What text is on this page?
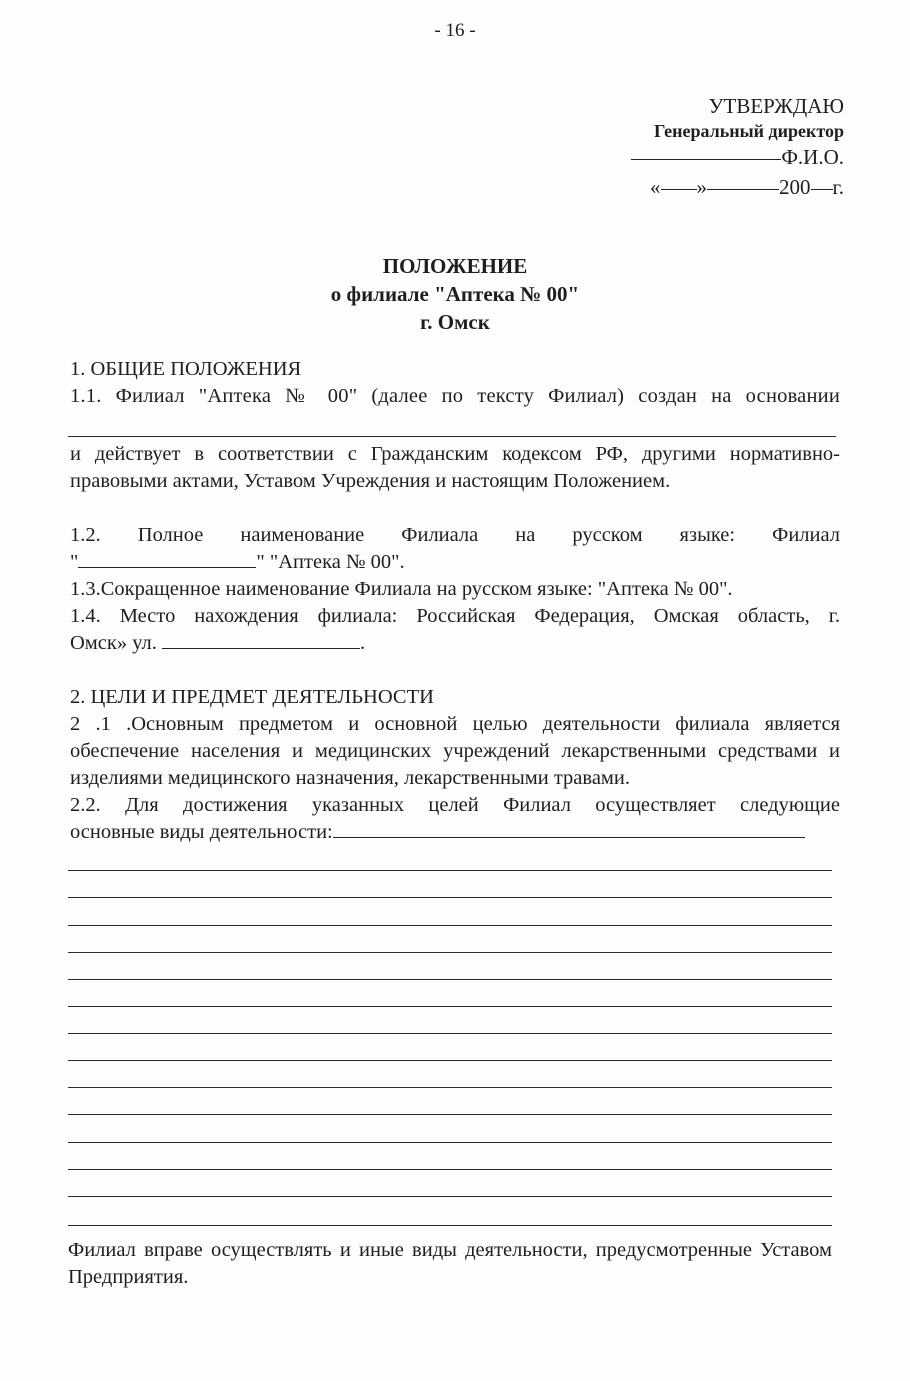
- 16 -
УТВЕРЖДАЮ
Генеральный директор
Ф.И.О.
« »	200 г.
ПОЛОЖЕНИЕ
о филиале "Аптека № 00"
г. Омск
1. ОБЩИЕ ПОЛОЖЕНИЯ
1.1. Филиал "Аптека № 00" (далее по тексту Филиал) создан на основании
и действует в соответствии с Гражданским кодексом РФ, другими нормативно-правовыми актами, Уставом Учреждения и настоящим Положением.
1.2. Полное наименование Филиала на русском языке: Филиал
"	" "Аптека № 00".
1.3.Сокращенное наименование Филиала на русском языке: "Аптека № 00".
1.4. Место нахождения филиала: Российская Федерация, Омская область, г.
Омск» ул.	.
2. ЦЕЛИ И ПРЕДМЕТ ДЕЯТЕЛЬНОСТИ
2 .1 .Основным предметом и основной целью деятельности филиала является обеспечение населения и медицинских учреждений лекарственными средствами и изделиями медицинского назначения, лекарственными травами.
2.2. Для достижения указанных целей Филиал осуществляет следующие
основные виды деятельности:
Филиал вправе осуществлять и иные виды деятельности, предусмотренные Уставом Предприятия.
